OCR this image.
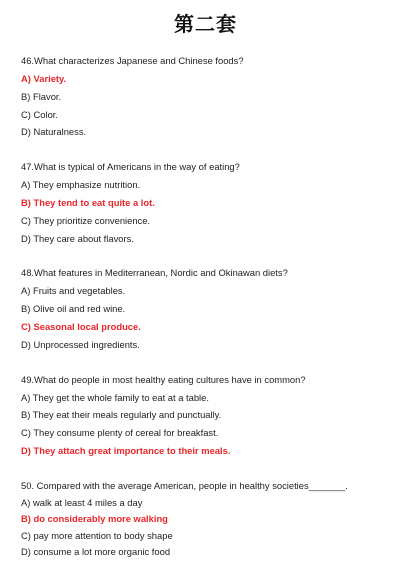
第二套
46.What characterizes Japanese and Chinese foods?
A) Variety.
B) Flavor.
C) Color.
D) Naturalness.
47.What is typical of Americans in the way of eating?
A) They emphasize nutrition.
B) They tend to eat quite a lot.
C) They prioritize convenience.
D) They care about flavors.
48.What features in Mediterranean, Nordic and Okinawan diets?
A) Fruits and vegetables.
B) Olive oil and red wine.
C) Seasonal local produce.
D) Unprocessed ingredients.
49.What do people in most healthy eating cultures have in common?
A) They get the whole family to eat at a table.
B) They eat their meals regularly and punctually.
C) They consume plenty of cereal for breakfast.
D) They attach great importance to their meals.
50. Compared with the average American, people in healthy societies_______.
A) walk at least 4 miles a day
B) do considerably more walking
C) pay more attention to body shape
D) consume a lot more organic food
